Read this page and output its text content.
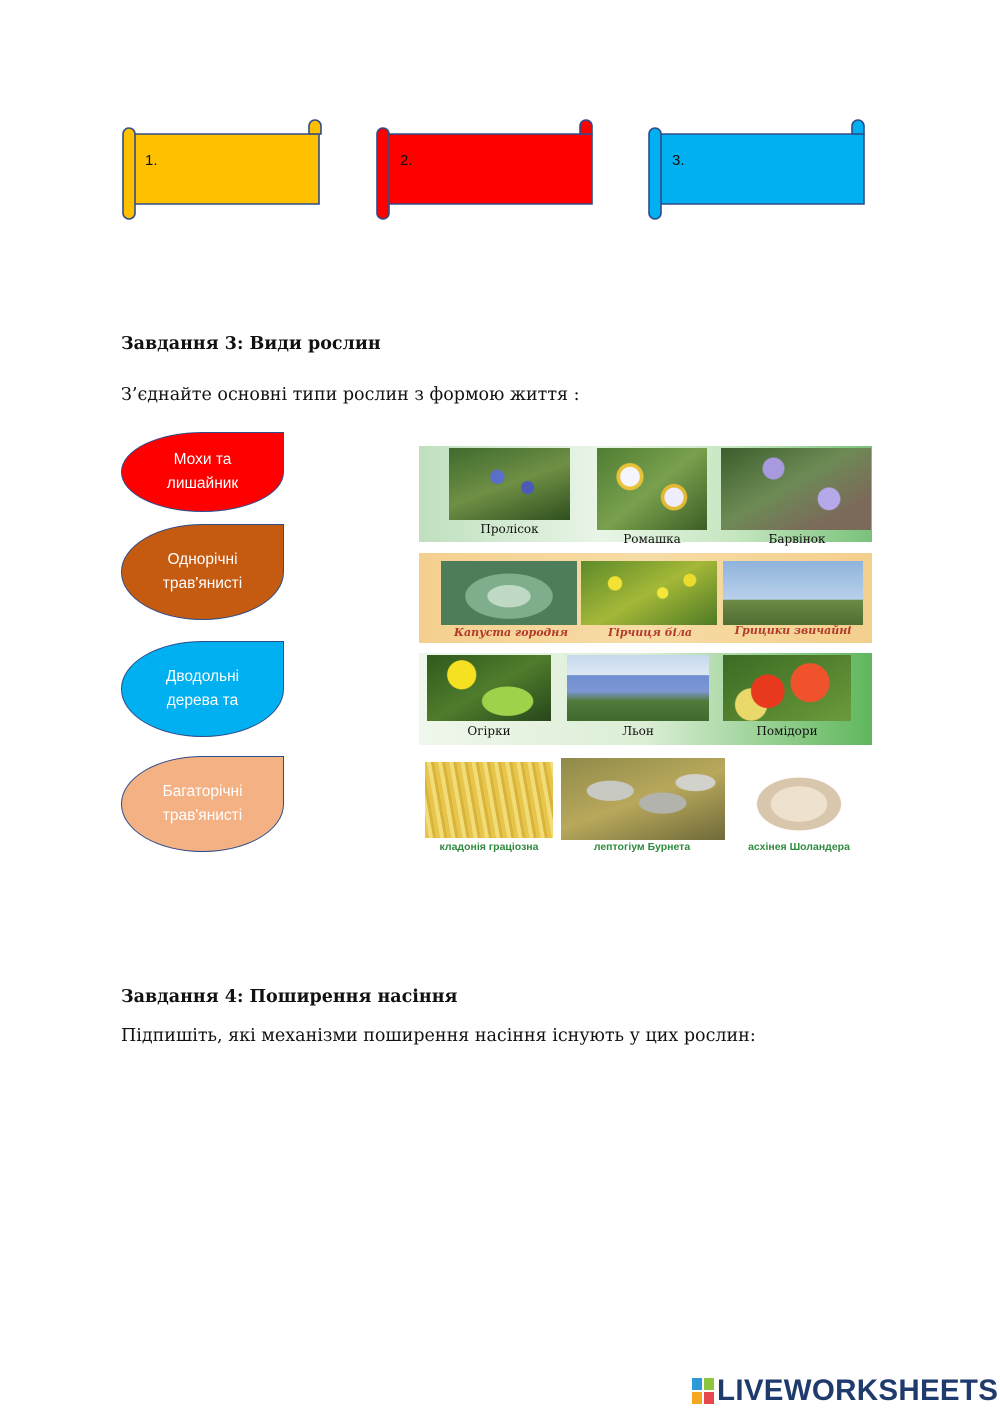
1.	2.	3.
Завдання 3: Види рослин
З’єднайте основні типи рослин з формою життя :
Мохи та
лишайник
Однорічні
трав'янисті
Дводольні
дерева та
Багаторічні
трав'янисті
Пролісок
Ромашка	Барвінок
Капуста городня	Гірчиця біла	Грицики звичайні
Огірки	Льон	Помідори
кладонія граціозна	лептогіум Бурнета	асхінея Шоландера
Завдання 4: Поширення насіння
Підпишіть, які механізми поширення насіння існують у цих рослин:
LIVEWORKSHEETS
